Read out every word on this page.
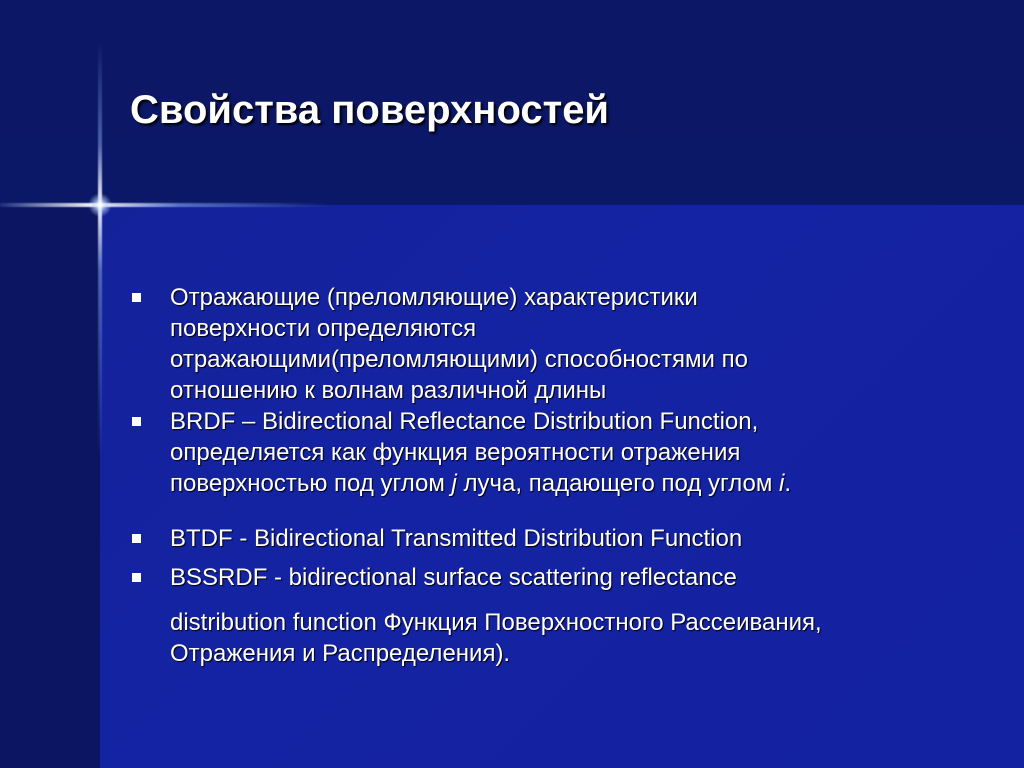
Свойства поверхностей
Отражающие (преломляющие) характеристики
поверхности определяются
отражающими(преломляющими) способностями по
отношению к волнам различной длины
BRDF – Bidirectional Reflectance Distribution Function,
определяется как функция вероятности отражения
поверхностью под углом j луча, падающего под углом i.
BTDF - Bidirectional Transmitted Distribution Function
BSSRDF - bidirectional surface scattering reflectance
distribution function Функция Поверхностного Рассеивания,
Отражения и Распределения).
